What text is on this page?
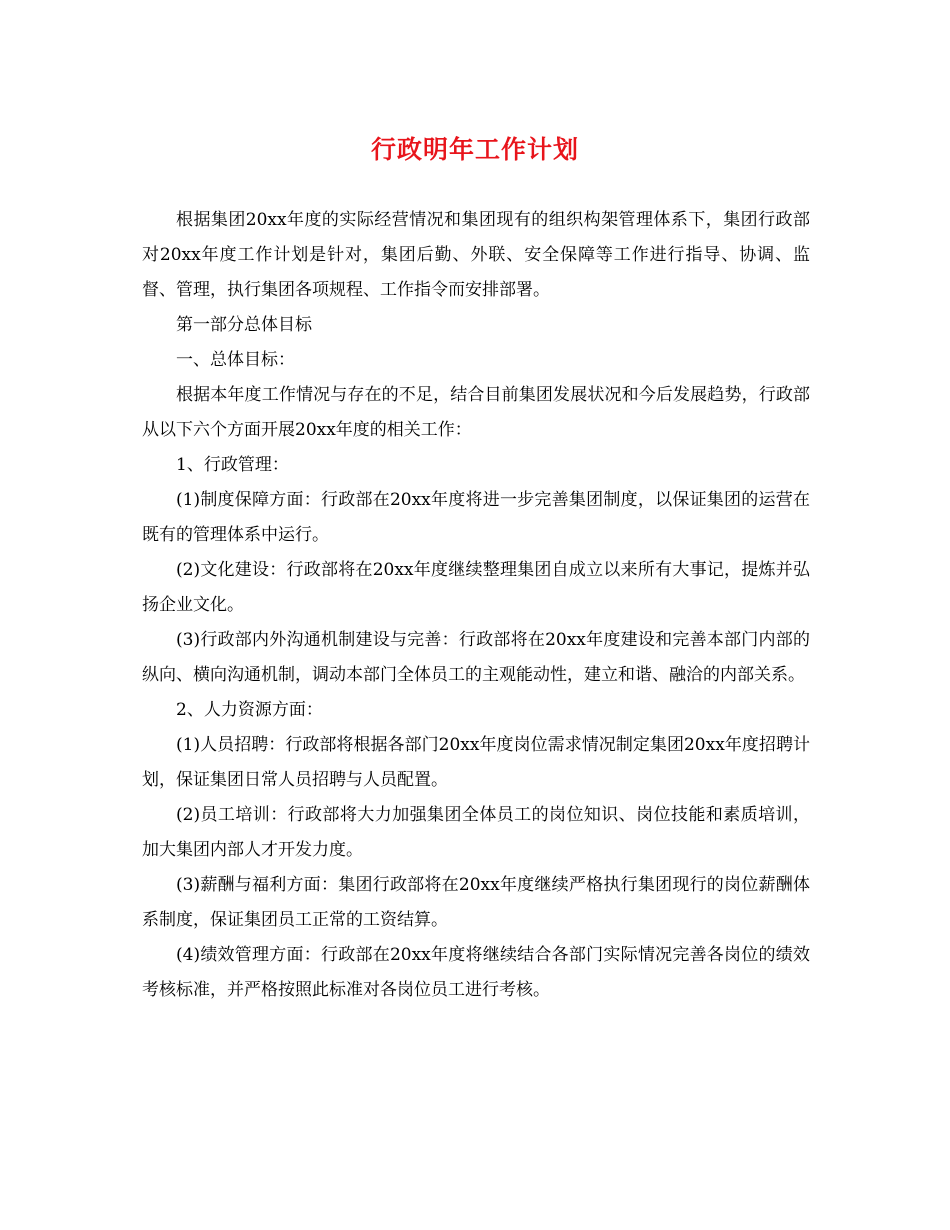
行政明年工作计划

根据集团20xx年度的实际经营情况和集团现有的组织构架管理体系下，集团行政部对20xx年度工作计划是针对，集团后勤、外联、安全保障等工作进行指导、协调、监督、管理，执行集团各项规程、工作指令而安排部署。

第一部分总体目标

一、总体目标：

根据本年度工作情况与存在的不足，结合目前集团发展状况和今后发展趋势，行政部从以下六个方面开展20xx年度的相关工作：

1、行政管理：

(1)制度保障方面：行政部在20xx年度将进一步完善集团制度，以保证集团的运营在既有的管理体系中运行。

(2)文化建设：行政部将在20xx年度继续整理集团自成立以来所有大事记，提炼并弘扬企业文化。

(3)行政部内外沟通机制建设与完善：行政部将在20xx年度建设和完善本部门内部的纵向、横向沟通机制，调动本部门全体员工的主观能动性，建立和谐、融洽的内部关系。

2、人力资源方面：

(1)人员招聘：行政部将根据各部门20xx年度岗位需求情况制定集团20xx年度招聘计划，保证集团日常人员招聘与人员配置。

(2)员工培训：行政部将大力加强集团全体员工的岗位知识、岗位技能和素质培训，加大集团内部人才开发力度。

(3)薪酬与福利方面：集团行政部将在20xx年度继续严格执行集团现行的岗位薪酬体系制度，保证集团员工正常的工资结算。

(4)绩效管理方面：行政部在20xx年度将继续结合各部门实际情况完善各岗位的绩效考核标准，并严格按照此标准对各岗位员工进行考核。
